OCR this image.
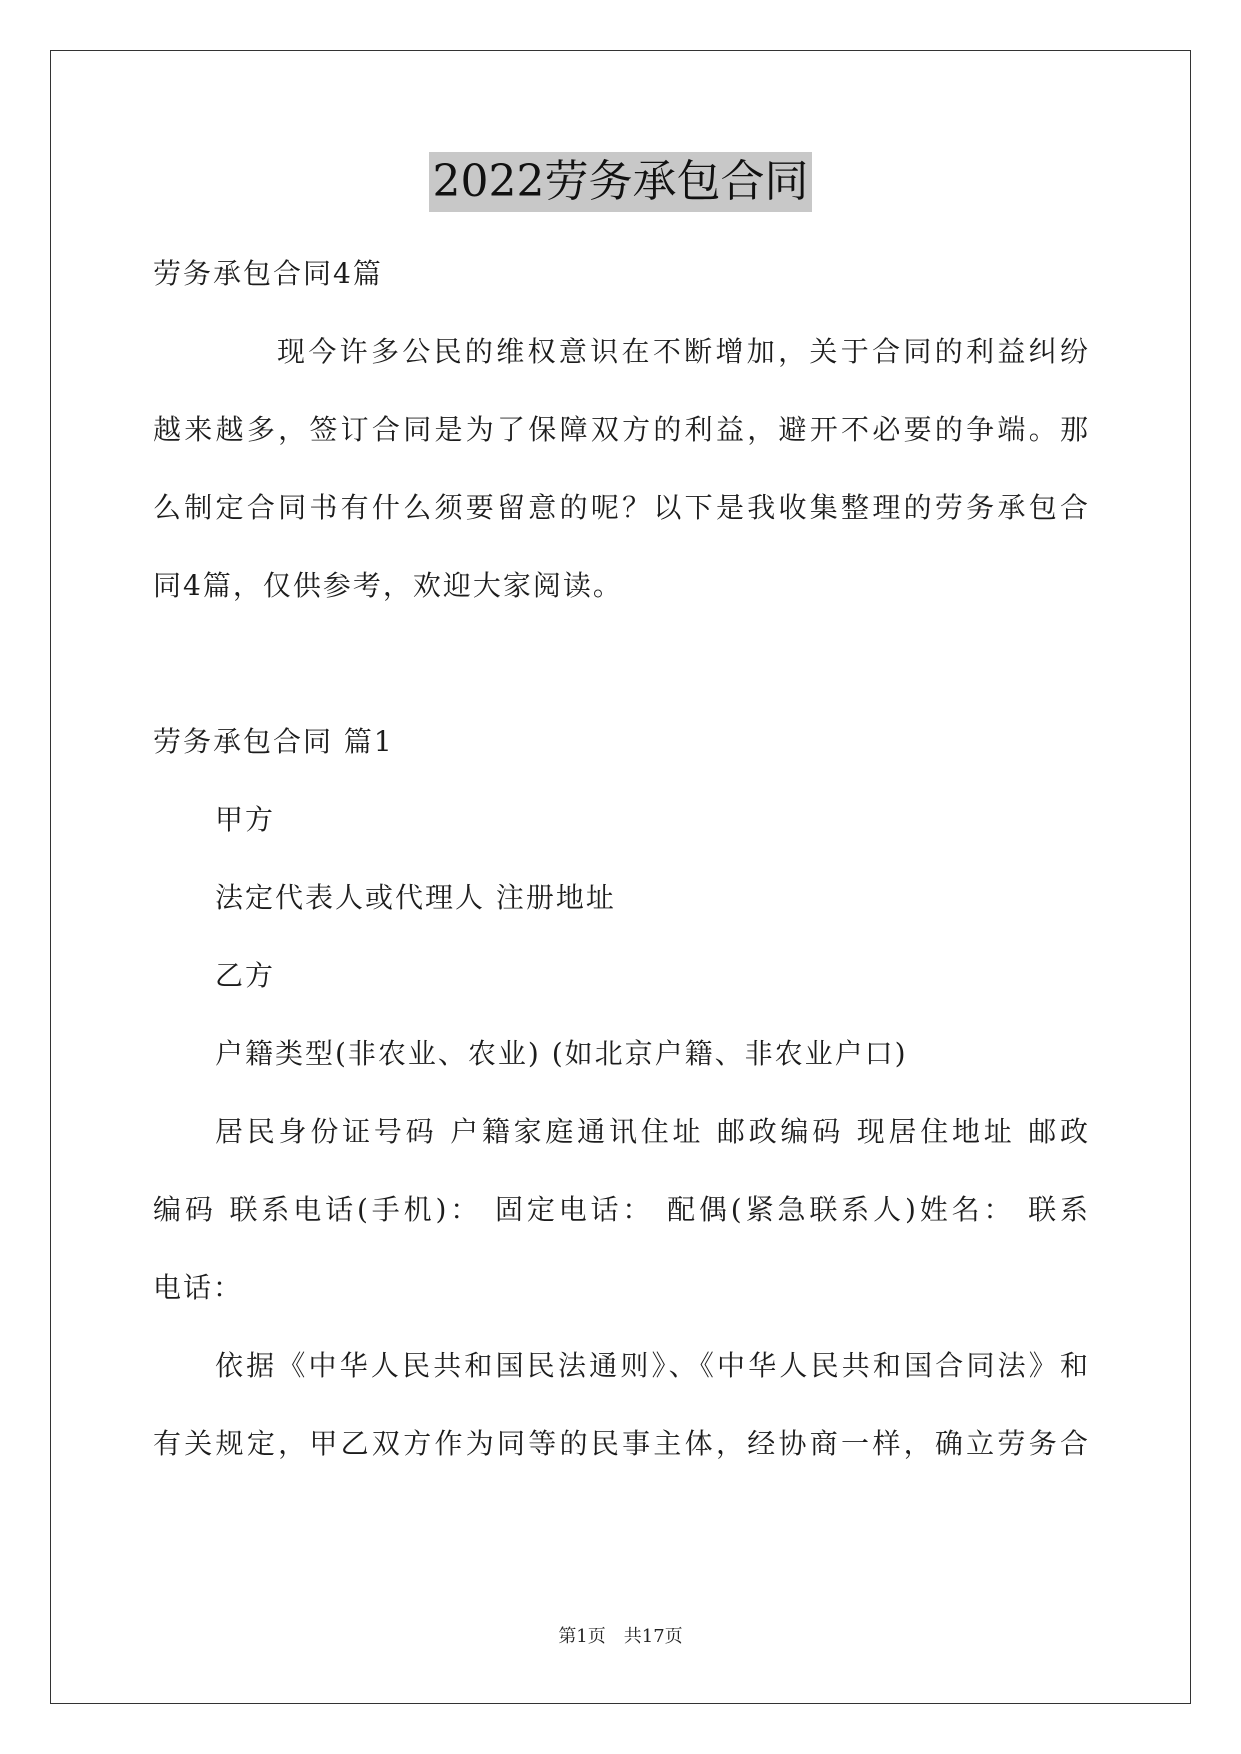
2022劳务承包合同
劳务承包合同4篇
现今许多公民的维权意识在不断增加，关于合同的利益纠纷
越来越多，签订合同是为了保障双方的利益，避开不必要的争端。那
么制定合同书有什么须要留意的呢？以下是我收集整理的劳务承包合
同4篇，仅供参考，欢迎大家阅读。
劳务承包合同 篇1
甲方
法定代表人或代理人 注册地址
乙方
户籍类型(非农业、农业) (如北京户籍、非农业户口)
居民身份证号码 户籍家庭通讯住址 邮政编码 现居住地址 邮政
编码 联系电话(手机)： 固定电话： 配偶(紧急联系人)姓名： 联系
电话：
依据《中华人民共和国民法通则》、《中华人民共和国合同法》和
有关规定，甲乙双方作为同等的民事主体，经协商一样，确立劳务合
第1页 共17页
